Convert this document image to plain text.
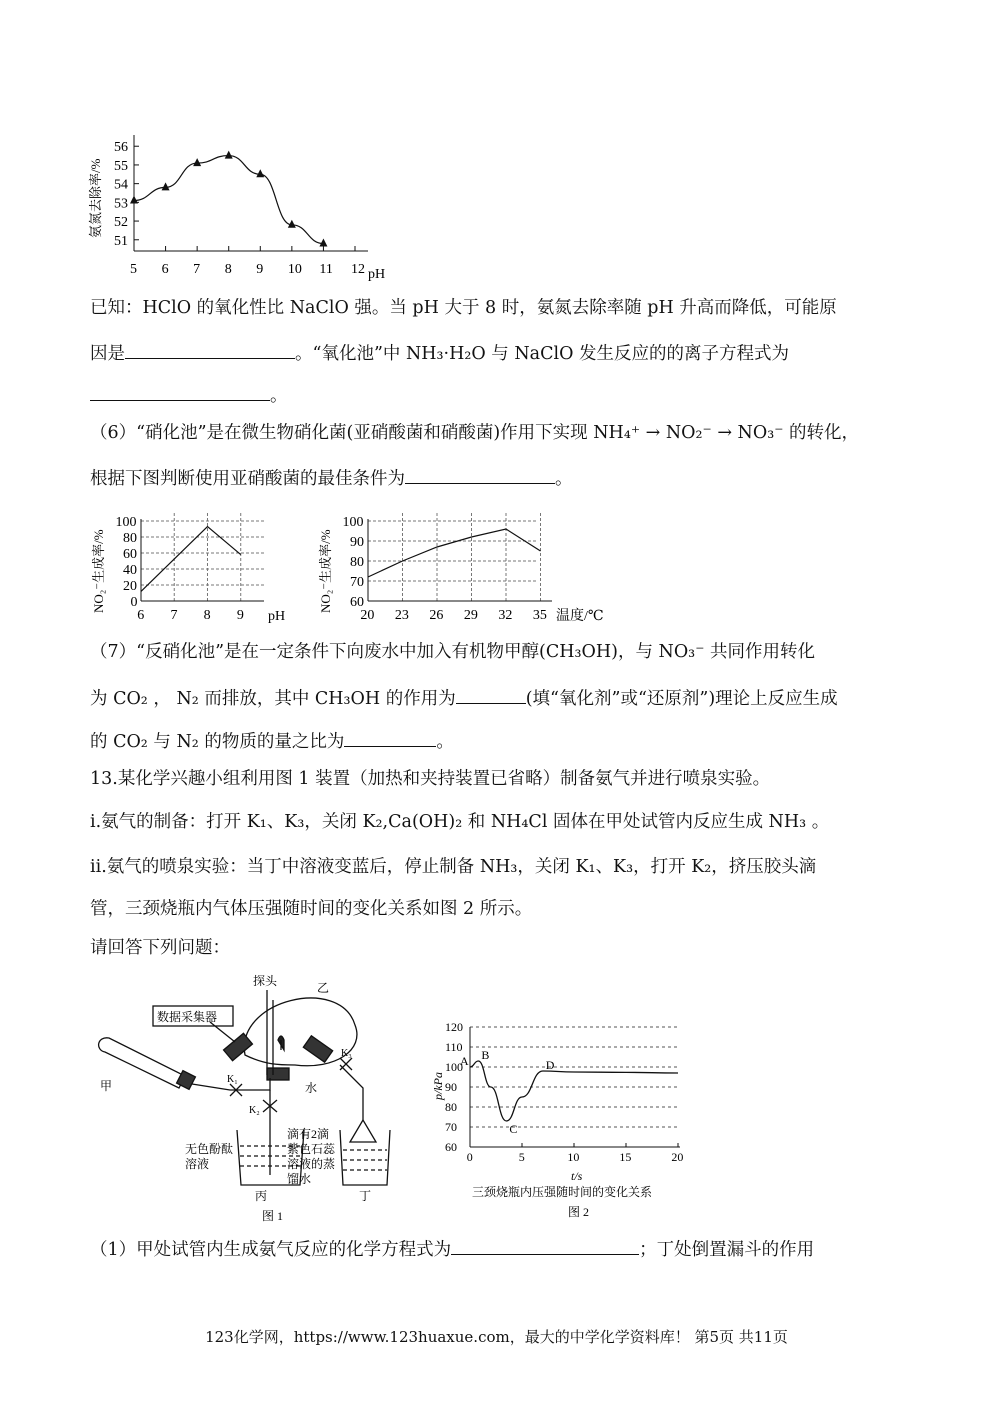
氨氮去除率/%
5 6 7 8 9 10 11 12
51
52
53
54
55
56
pH
已知：HClO 的氧化性比 NaClO 强。当 pH 大于 8 时，氨氮去除率随 pH 升高而降低，可能原
因是	。“氧化池”中 NH₃·H₂O 与 NaClO 发生反应的的离子方程式为
。
（6）“硝化池”是在微生物硝化菌(亚硝酸菌和硝酸菌)作用下实现 NH₄⁺ → NO₂⁻ → NO₃⁻ 的转化，
根据下图判断使用亚硝酸菌的最佳条件为	。
NO₂⁻生成率/% 0
20
40
60
80
100
6 7 8 9 pH
NO₂⁻生成率/% 60
70
80
90
100
20 23 26 29 32 35 温度/℃
（7）“反硝化池”是在一定条件下向废水中加入有机物甲醇(CH₃OH)，与 NO₃⁻ 共同作用转化
为 CO₂ ， N₂ 而排放，其中 CH₃OH 的作用为	(填“氧化剂”或“还原剂”)理论上反应生成
的 CO₂ 与 N₂ 的物质的量之比为	。
13.某化学兴趣小组利用图 1 装置（加热和夹持装置已省略）制备氨气并进行喷泉实验。
i.氨气的制备：打开 K₁、K₃，关闭 K₂,Ca(OH)₂ 和 NH₄Cl 固体在甲处试管内反应生成 NH₃ 。
ii.氨气的喷泉实验：当丁中溶液变蓝后，停止制备 NH₃，关闭 K₁、K₃，打开 K₂，挤压胶头滴
管，三颈烧瓶内气体压强随时间的变化关系如图 2 所示。
请回答下列问题：
探头
数据采集器
乙
甲	水
K₁
K₂
K₃
无色酚酞
溶液
滴有2滴
紫色石蕊
溶液的蒸
馏水
丙	丁
图 1
p/kPa
60
70
80
90
100
110
120
0	5	10	15	20
A B
C
D
t/s
三颈烧瓶内压强随时间的变化关系
图 2
（1）甲处试管内生成氨气反应的化学方程式为	；丁处倒置漏斗的作用
123化学网，https://www.123huaxue.com，最大的中学化学资料库！ 第5页 共11页
